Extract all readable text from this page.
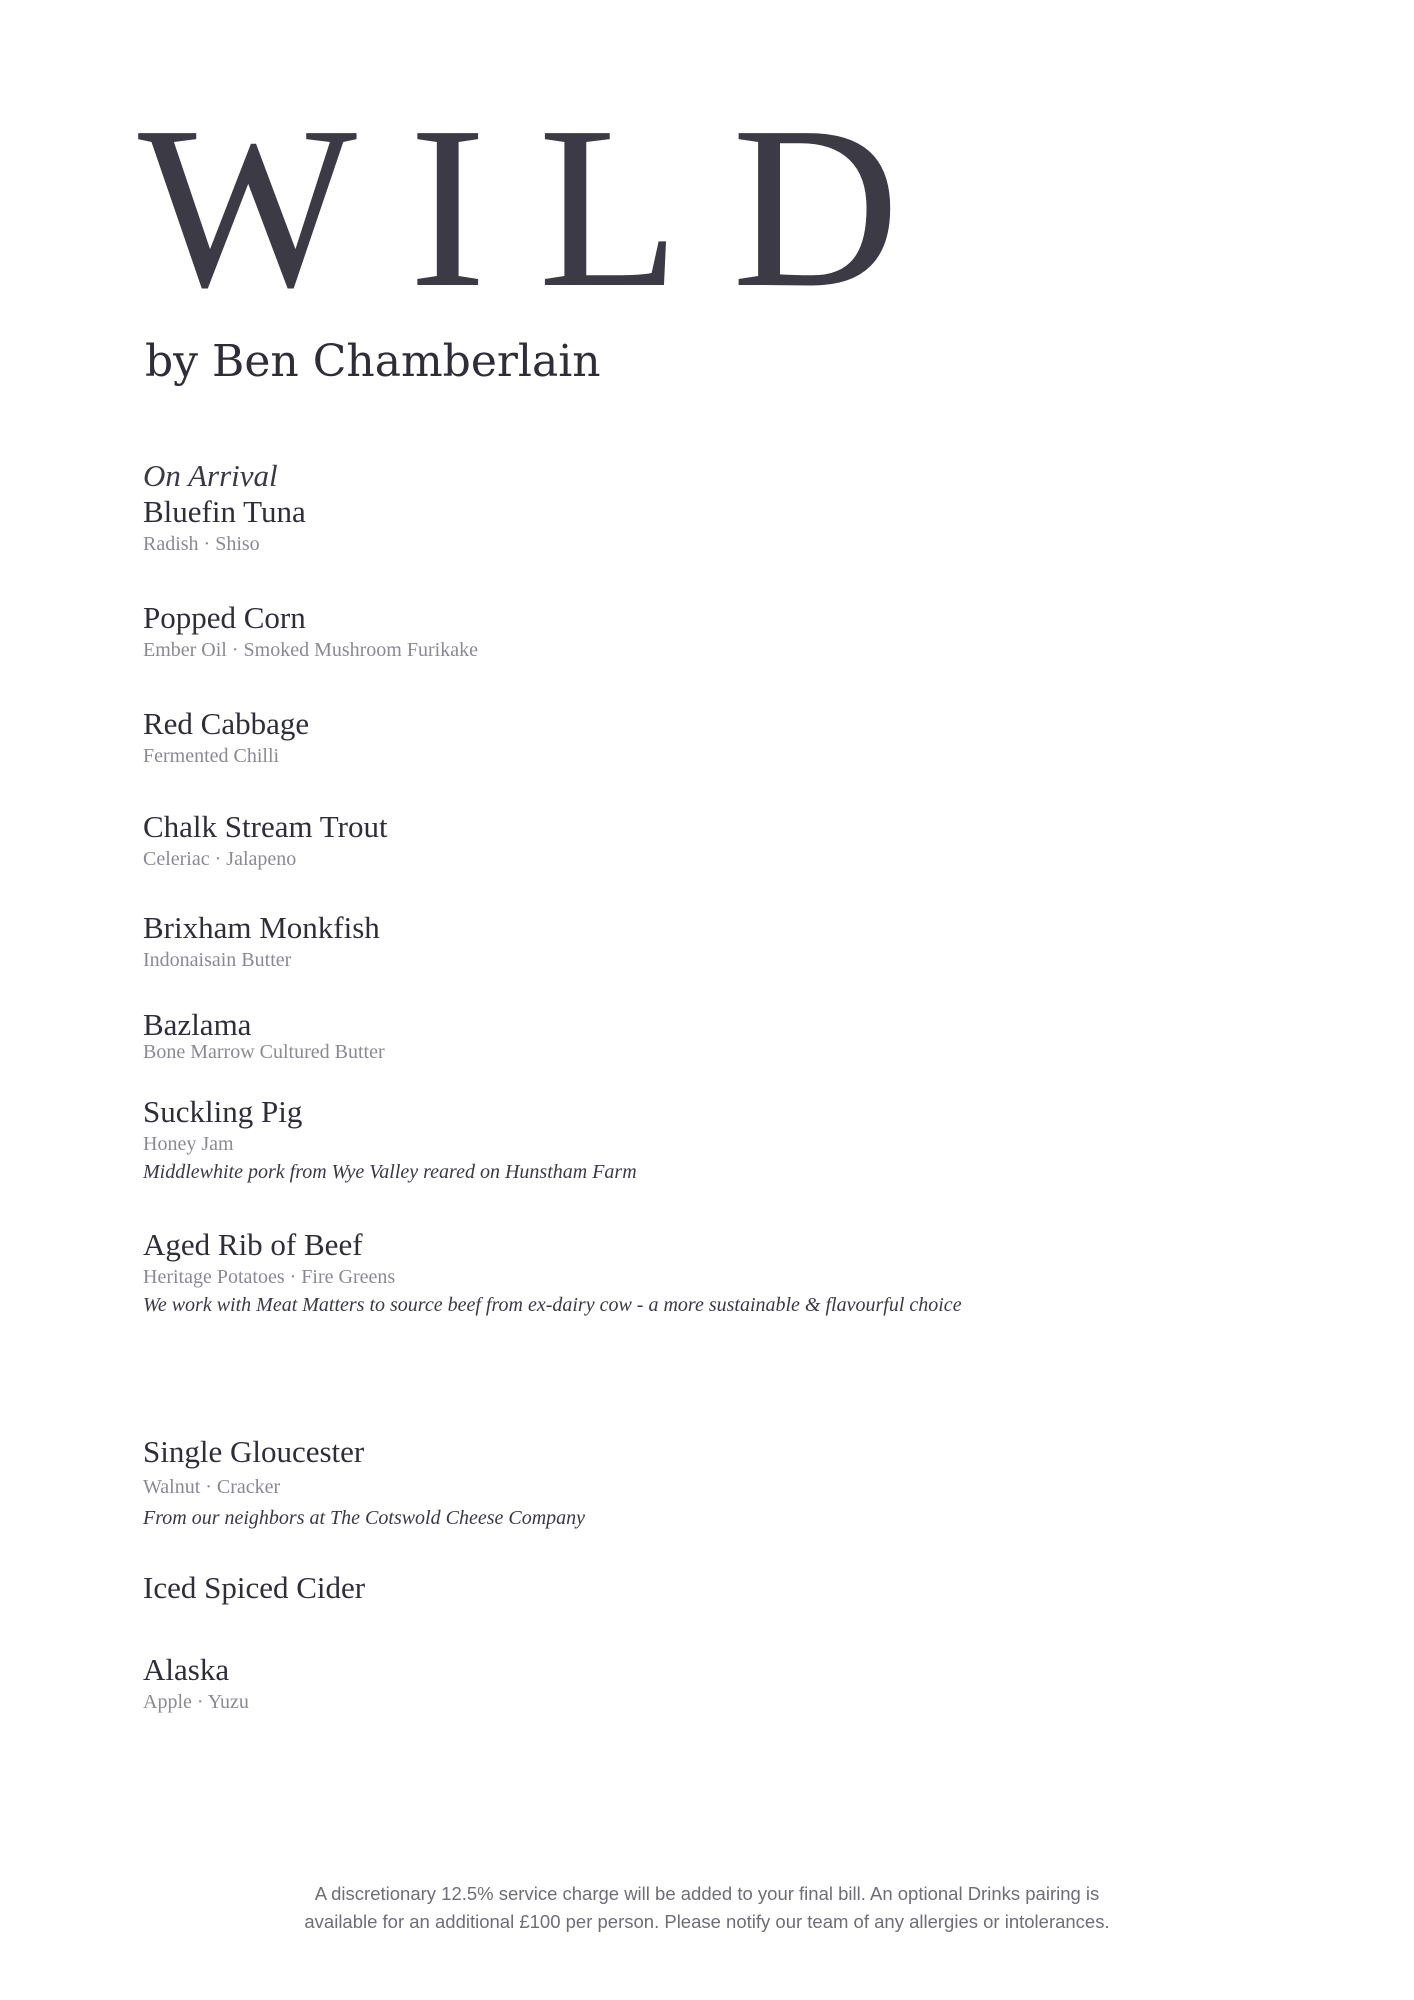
WILD
by Ben Chamberlain
On Arrival
Bluefin Tuna
Radish · Shiso
Popped Corn
Ember Oil · Smoked Mushroom Furikake
Red Cabbage
Fermented Chilli
Chalk Stream Trout
Celeriac · Jalapeno
Brixham Monkfish
Indonaisain Butter
Bazlama
Bone Marrow Cultured Butter
Suckling Pig
Honey Jam
Middlewhite pork from Wye Valley reared on Hunstham Farm
Aged Rib of Beef
Heritage Potatoes · Fire Greens
We work with Meat Matters to source beef from ex-dairy cow - a more sustainable & flavourful choice
Single Gloucester
Walnut · Cracker
From our neighbors at The Cotswold Cheese Company
Iced Spiced Cider
Alaska
Apple · Yuzu
A discretionary 12.5% service charge will be added to your final bill. An optional Drinks pairing is
available for an additional £100 per person. Please notify our team of any allergies or intolerances.
